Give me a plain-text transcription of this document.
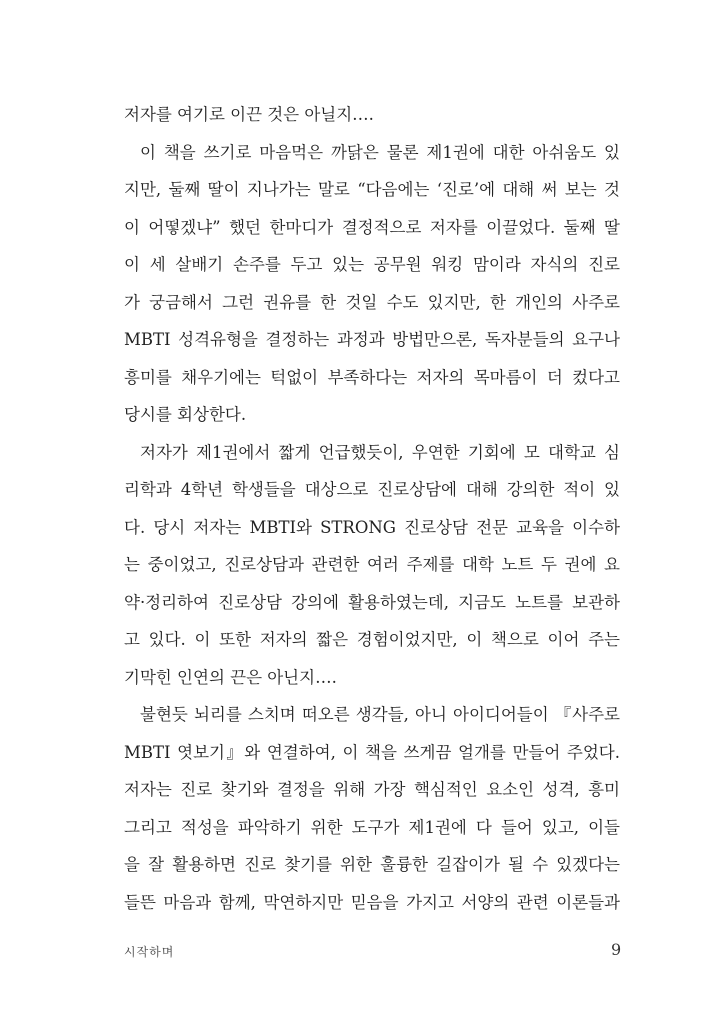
저자를 여기로 이끈 것은 아닐지….
이 책을 쓰기로 마음먹은 까닭은 물론 제1권에 대한 아쉬움도 있
지만, 둘째 딸이 지나가는 말로 “다음에는 ‘진로’에 대해 써 보는 것
이 어떻겠냐” 했던 한마디가 결정적으로 저자를 이끌었다. 둘째 딸
이 세 살배기 손주를 두고 있는 공무원 워킹 맘이라 자식의 진로
가 궁금해서 그런 권유를 한 것일 수도 있지만, 한 개인의 사주로
MBTI 성격유형을 결정하는 과정과 방법만으론, 독자분들의 요구나
흥미를 채우기에는 턱없이 부족하다는 저자의 목마름이 더 컸다고
당시를 회상한다.
저자가 제1권에서 짧게 언급했듯이, 우연한 기회에 모 대학교 심
리학과 4학년 학생들을 대상으로 진로상담에 대해 강의한 적이 있
다. 당시 저자는 MBTI와 STRONG 진로상담 전문 교육을 이수하
는 중이었고, 진로상담과 관련한 여러 주제를 대학 노트 두 권에 요
약·정리하여 진로상담 강의에 활용하였는데, 지금도 노트를 보관하
고 있다. 이 또한 저자의 짧은 경험이었지만, 이 책으로 이어 주는
기막힌 인연의 끈은 아닌지….
불현듯 뇌리를 스치며 떠오른 생각들, 아니 아이디어들이 『사주로
MBTI 엿보기』와 연결하여, 이 책을 쓰게끔 얼개를 만들어 주었다.
저자는 진로 찾기와 결정을 위해 가장 핵심적인 요소인 성격, 흥미
그리고 적성을 파악하기 위한 도구가 제1권에 다 들어 있고, 이들
을 잘 활용하면 진로 찾기를 위한 훌륭한 길잡이가 될 수 있겠다는
들뜬 마음과 함께, 막연하지만 믿음을 가지고 서양의 관련 이론들과
시작하며	9
